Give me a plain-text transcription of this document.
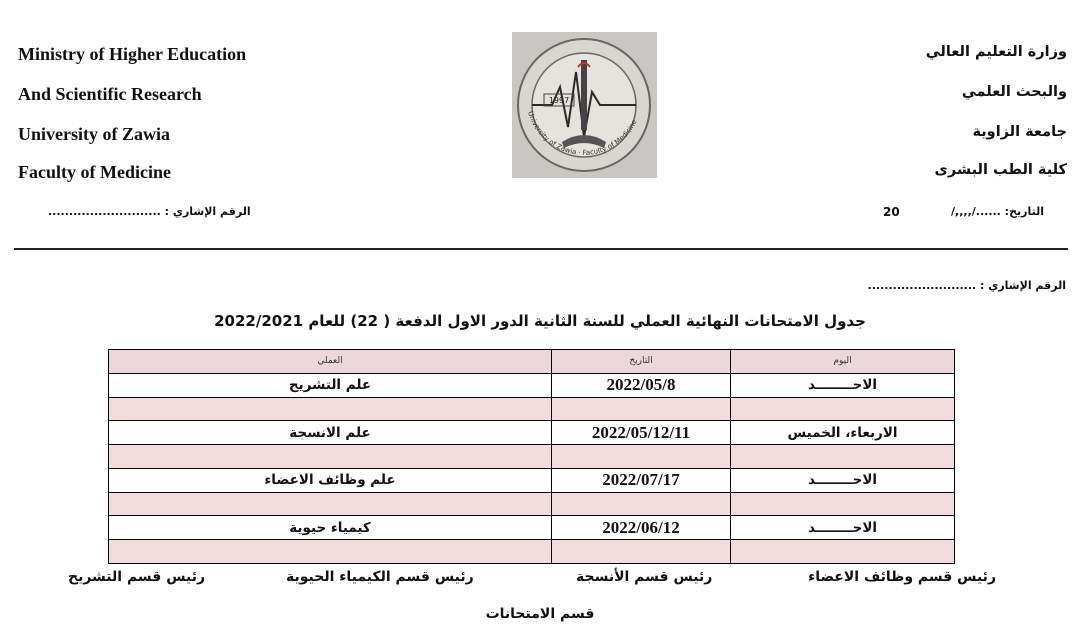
Ministry of Higher Education
And Scientific Research
University of Zawia
Faculty of Medicine
الرقم الإشاري : ...........................
1997
University of Zawia · Faculty of Medicine
وزارة التعليم العالي
والبحث العلمي
جامعة الزاوية
كلية الطب البشرى
التاريخ: ....../,,,,/
20
الرقم الإشاري : ..........................
جدول الامتحانات النهائية العملي للسنة الثانية الدور الاول الدفعة ( 22) للعام 2022/2021
اليوم	التاريخ	العملي
الاحــــــــد	2022/05/8	علم التشريح

الاربعاء، الخميس	2022/05/12/11	علم الانسجة

الاحــــــــد	2022/07/17	علم وظائف الاعضاء

الاحــــــــد	2022/06/12	كيمياء حيوية

رئيس قسم وظائف الاعضاء
رئيس قسم الأنسجة
رئيس قسم الكيمياء الحيوية
رئيس قسم التشريح
قسم الامتحانات
